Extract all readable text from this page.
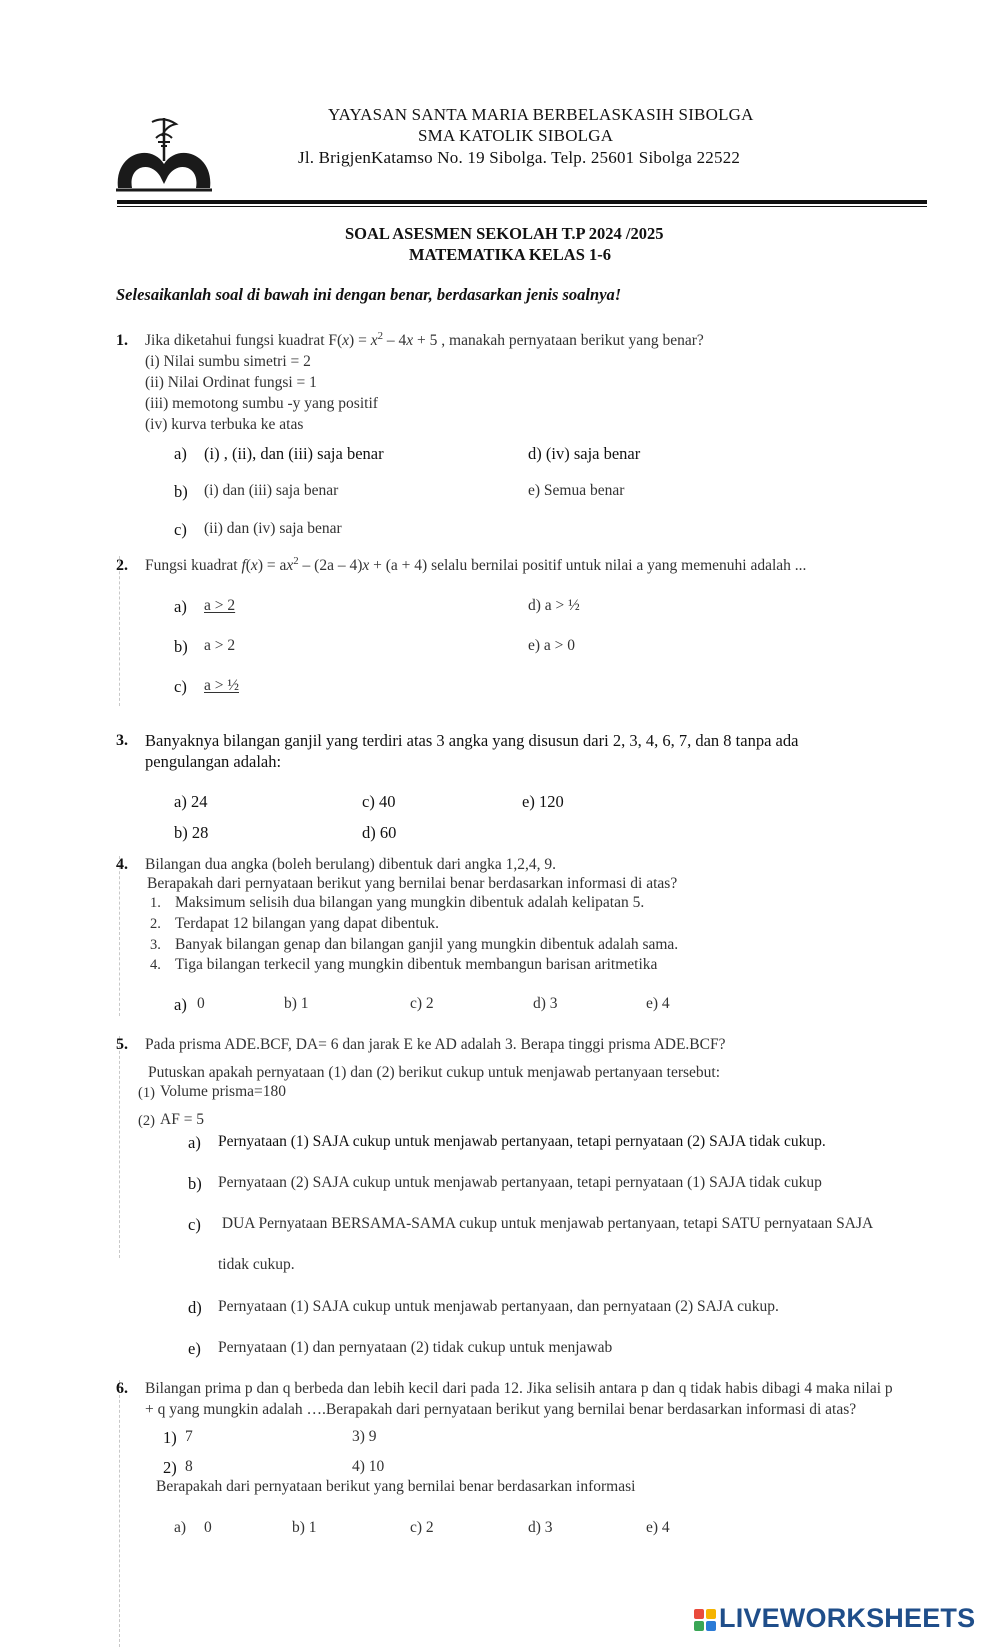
YAYASAN SANTA MARIA BERBELASKASIH SIBOLGA
SMA KATOLIK SIBOLGA
Jl. BrigjenKatamso No. 19 Sibolga. Telp. 25601 Sibolga 22522
SOAL ASESMEN SEKOLAH T.P 2024 /2025
MATEMATIKA KELAS 1-6
Selesaikanlah soal di bawah ini dengan benar, berdasarkan jenis soalnya!
1. Jika diketahui fungsi kuadrat $F(x) = x^2 - 4x + 5$ , manakah pernyataan berikut yang benar?
(i) Nilai sumbu simetri = 2
(ii) Nilai Ordinat fungsi = 1
(iii) memotong sumbu -y yang positif
(iv) kurva terbuka ke atas
a) (i) , (ii), dan (iii) saja benar	d) (iv) saja benar
b) (i) dan (iii) saja benar	e) Semua benar
c) (ii) dan (iv) saja benar
2. Fungsi kuadrat $f(x) = ax^2 - (2a - 4)x + (a + 4)$ selalu bernilai positif untuk nilai a yang memenuhi adalah ...
a) a > 2	d) a > ½
b) a > 2	e) a > 0
c) a > ½
3. Banyaknya bilangan ganjil yang terdiri atas 3 angka yang disusun dari 2, 3, 4, 6, 7, dan 8 tanpa ada
pengulangan adalah:
a) 24	c) 40	e) 120
b) 28	d) 60
4. Bilangan dua angka (boleh berulang) dibentuk dari angka 1,2,4, 9.
Berapakah dari pernyataan berikut yang bernilai benar berdasarkan informasi di atas?
1. Maksimum selisih dua bilangan yang mungkin dibentuk adalah kelipatan 5.
2. Terdapat 12 bilangan yang dapat dibentuk.
3. Banyak bilangan genap dan bilangan ganjil yang mungkin dibentuk adalah sama.
4. Tiga bilangan terkecil yang mungkin dibentuk membangun barisan aritmetika
a) 0	b) 1	c) 2	d) 3	e) 4
5. Pada prisma ADE.BCF, DA= 6 dan jarak E ke AD adalah 3. Berapa tinggi prisma ADE.BCF?
Putuskan apakah pernyataan (1) dan (2) berikut cukup untuk menjawab pertanyaan tersebut:
(1) Volume prisma=180
(2) AF = 5
a) Pernyataan (1) SAJA cukup untuk menjawab pertanyaan, tetapi pernyataan (2) SAJA tidak cukup.
b) Pernyataan (2) SAJA cukup untuk menjawab pertanyaan, tetapi pernyataan (1) SAJA tidak cukup
c) DUA Pernyataan BERSAMA-SAMA cukup untuk menjawab pertanyaan, tetapi SATU pernyataan SAJA
tidak cukup.
d) Pernyataan (1) SAJA cukup untuk menjawab pertanyaan, dan pernyataan (2) SAJA cukup.
e) Pernyataan (1) dan pernyataan (2) tidak cukup untuk menjawab
6. Bilangan prima p dan q berbeda dan lebih kecil dari pada 12. Jika selisih antara p dan q tidak habis dibagi 4 maka nilai p
+ q yang mungkin adalah ….Berapakah dari pernyataan berikut yang bernilai benar berdasarkan informasi di atas?
1) 7	3) 9
2) 8	4) 10
Berapakah dari pernyataan berikut yang bernilai benar berdasarkan informasi
a) 0	b) 1	c) 2	d) 3	e) 4
LIVEWORKSHEETS
